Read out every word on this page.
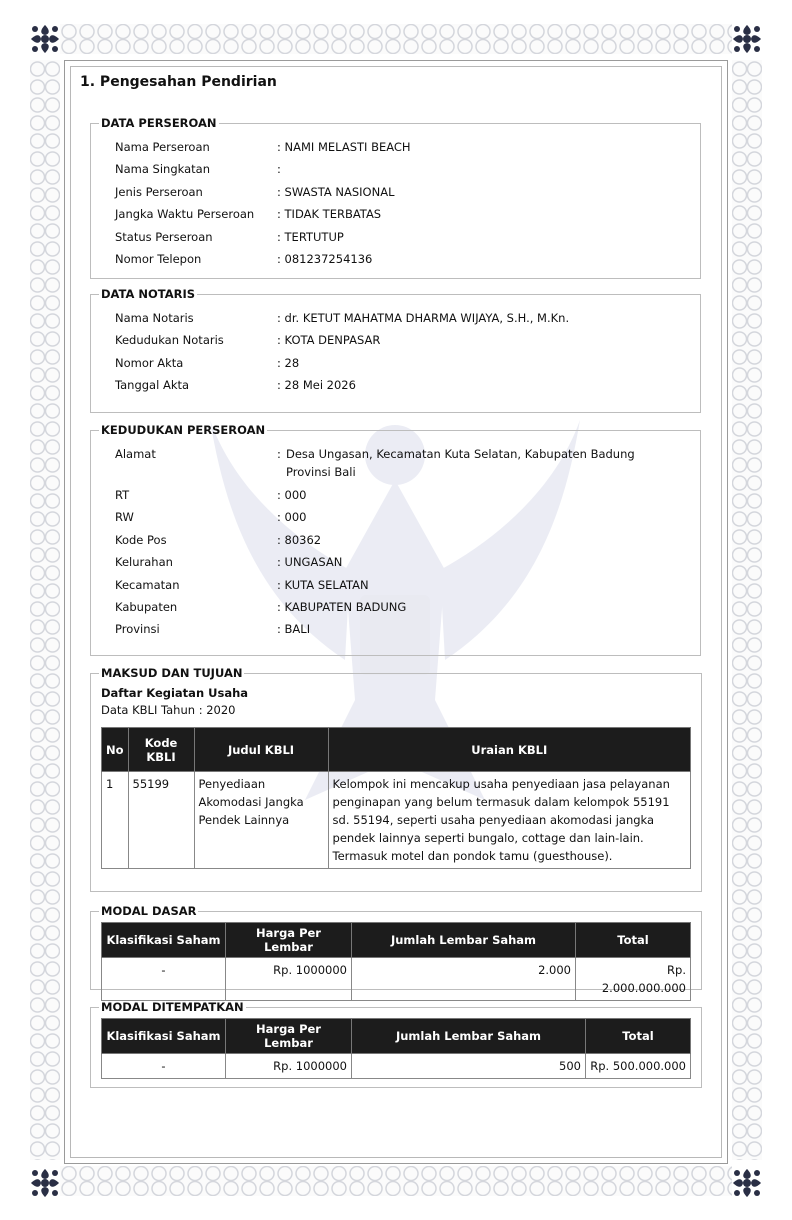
1. Pengesahan Pendirian
DATA PERSEROAN
Nama Perseroan	: NAMI MELASTI BEACH
Nama Singkatan	:
Jenis Perseroan	: SWASTA NASIONAL
Jangka Waktu Perseroan	: TIDAK TERBATAS
Status Perseroan	: TERTUTUP
Nomor Telepon	: 081237254136
DATA NOTARIS
Nama Notaris	: dr. KETUT MAHATMA DHARMA WIJAYA, S.H., M.Kn.
Kedudukan Notaris	: KOTA DENPASAR
Nomor Akta	: 28
Tanggal Akta	: 28 Mei 2026
KEDUDUKAN PERSEROAN
Alamat	: Desa Ungasan, Kecamatan Kuta Selatan, Kabupaten Badung
Provinsi Bali
RT	: 000
RW	: 000
Kode Pos	: 80362
Kelurahan	: UNGASAN
Kecamatan	: KUTA SELATAN
Kabupaten	: KABUPATEN BADUNG
Provinsi	: BALI
MAKSUD DAN TUJUAN
Daftar Kegiatan Usaha
Data KBLI Tahun : 2020
No	Kode KBLI	Judul KBLI	Uraian KBLI
1	55199	Penyediaan Akomodasi Jangka Pendek Lainnya	Kelompok ini mencakup usaha penyediaan jasa pelayanan penginapan yang belum termasuk dalam kelompok 55191 sd. 55194, seperti usaha penyediaan akomodasi jangka pendek lainnya seperti bungalo, cottage dan lain-lain. Termasuk motel dan pondok tamu (guesthouse).
MODAL DASAR
Klasifikasi Saham	Harga Per Lembar	Jumlah Lembar Saham	Total
-	Rp. 1000000	2.000	Rp. 2.000.000.000
MODAL DITEMPATKAN
Klasifikasi Saham	Harga Per Lembar	Jumlah Lembar Saham	Total
-	Rp. 1000000	500	Rp. 500.000.000
